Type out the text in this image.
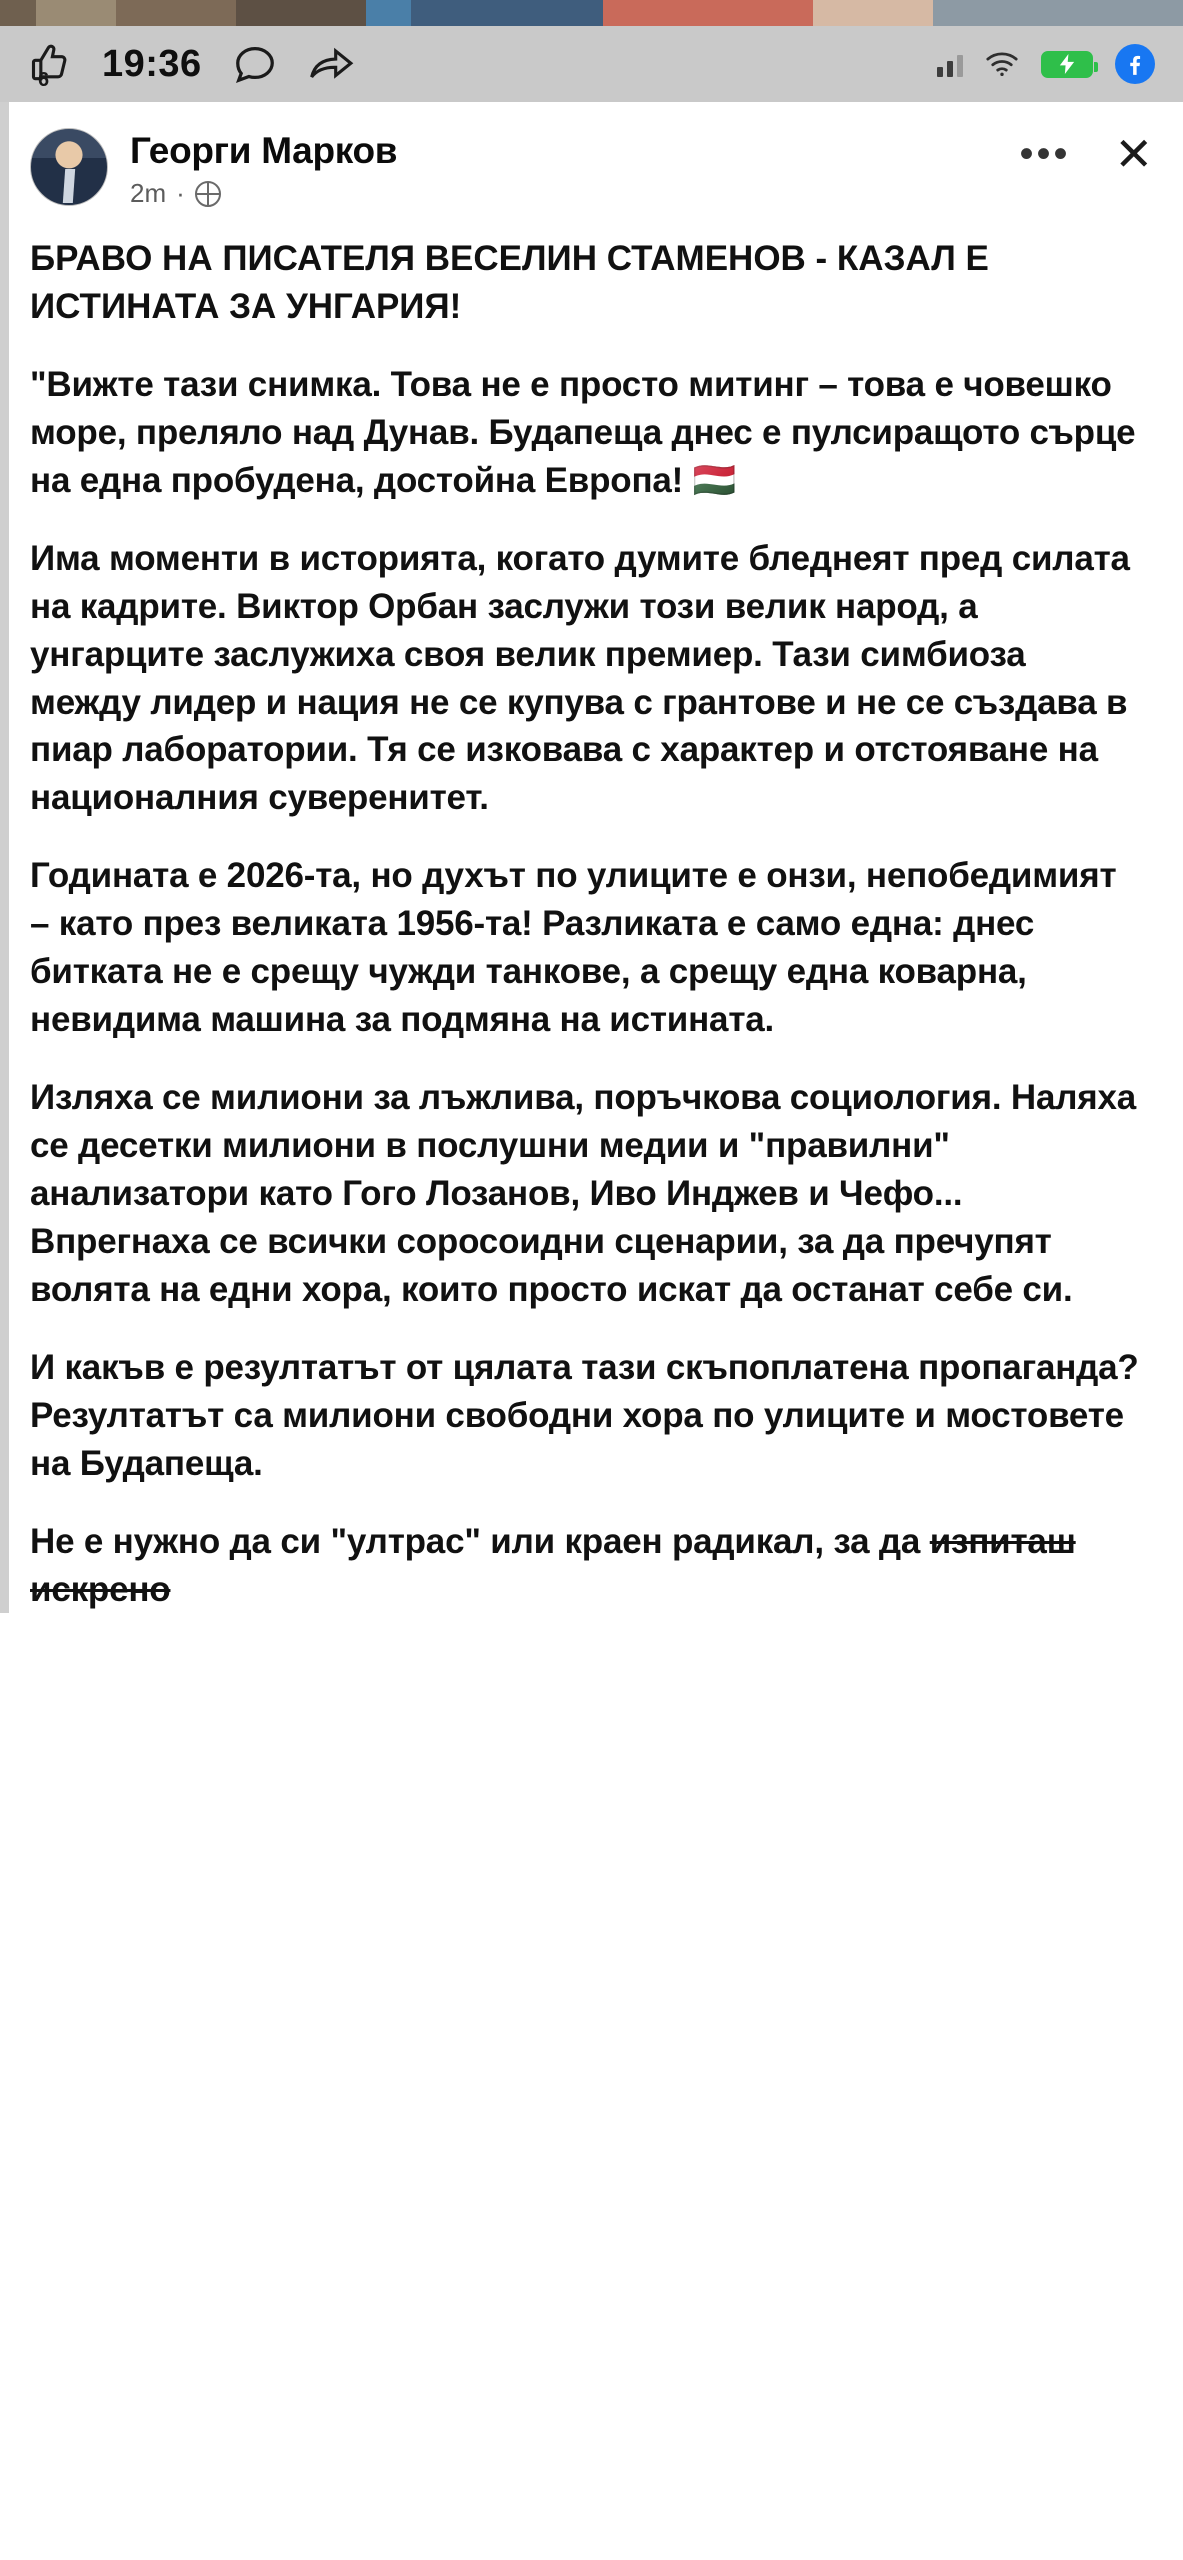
6 19:36
Георги Марков
2m ·
••• ✕

БРАВО НА ПИСАТЕЛЯ ВЕСЕЛИН СТАМЕНОВ - КАЗАЛ Е ИСТИНАТА ЗА УНГАРИЯ!

"Вижте тази снимка. Това не е просто митинг – това е човешко море, преляло над Дунав. Будапеща днес е пулсиращото сърце на една пробудена, достойна Европа! 🇭🇺

Има моменти в историята, когато думите бледнеят пред силата на кадрите. Виктор Орбан заслужи този велик народ, а унгарците заслужиха своя велик премиер. Тази симбиоза между лидер и нация не се купува с грантове и не се създава в пиар лаборатории. Тя се изковава с характер и отстояване на националния суверенитет.

Годината е 2026-та, но духът по улиците е онзи, непобедимият – като през великата 1956-та! Разликата е само една: днес битката не е срещу чужди танкове, а срещу една коварна, невидима машина за подмяна на истината.

Изляха се милиони за лъжлива, поръчкова социология. Наляха се десетки милиони в послушни медии и "правилни" анализатори като Гого Лозанов, Иво Инджев и Чефо... Впрегнаха се всички соросоидни сценарии, за да пречупят волята на едни хора, които просто искат да останат себе си.

И какъв е резултатът от цялата тази скъпоплатена пропаганда? Резултатът са милиони свободни хора по улиците и мостовете на Будапеща.

Не е нужно да си "ултрас" или краен радикал, за да изпиташ искрено
